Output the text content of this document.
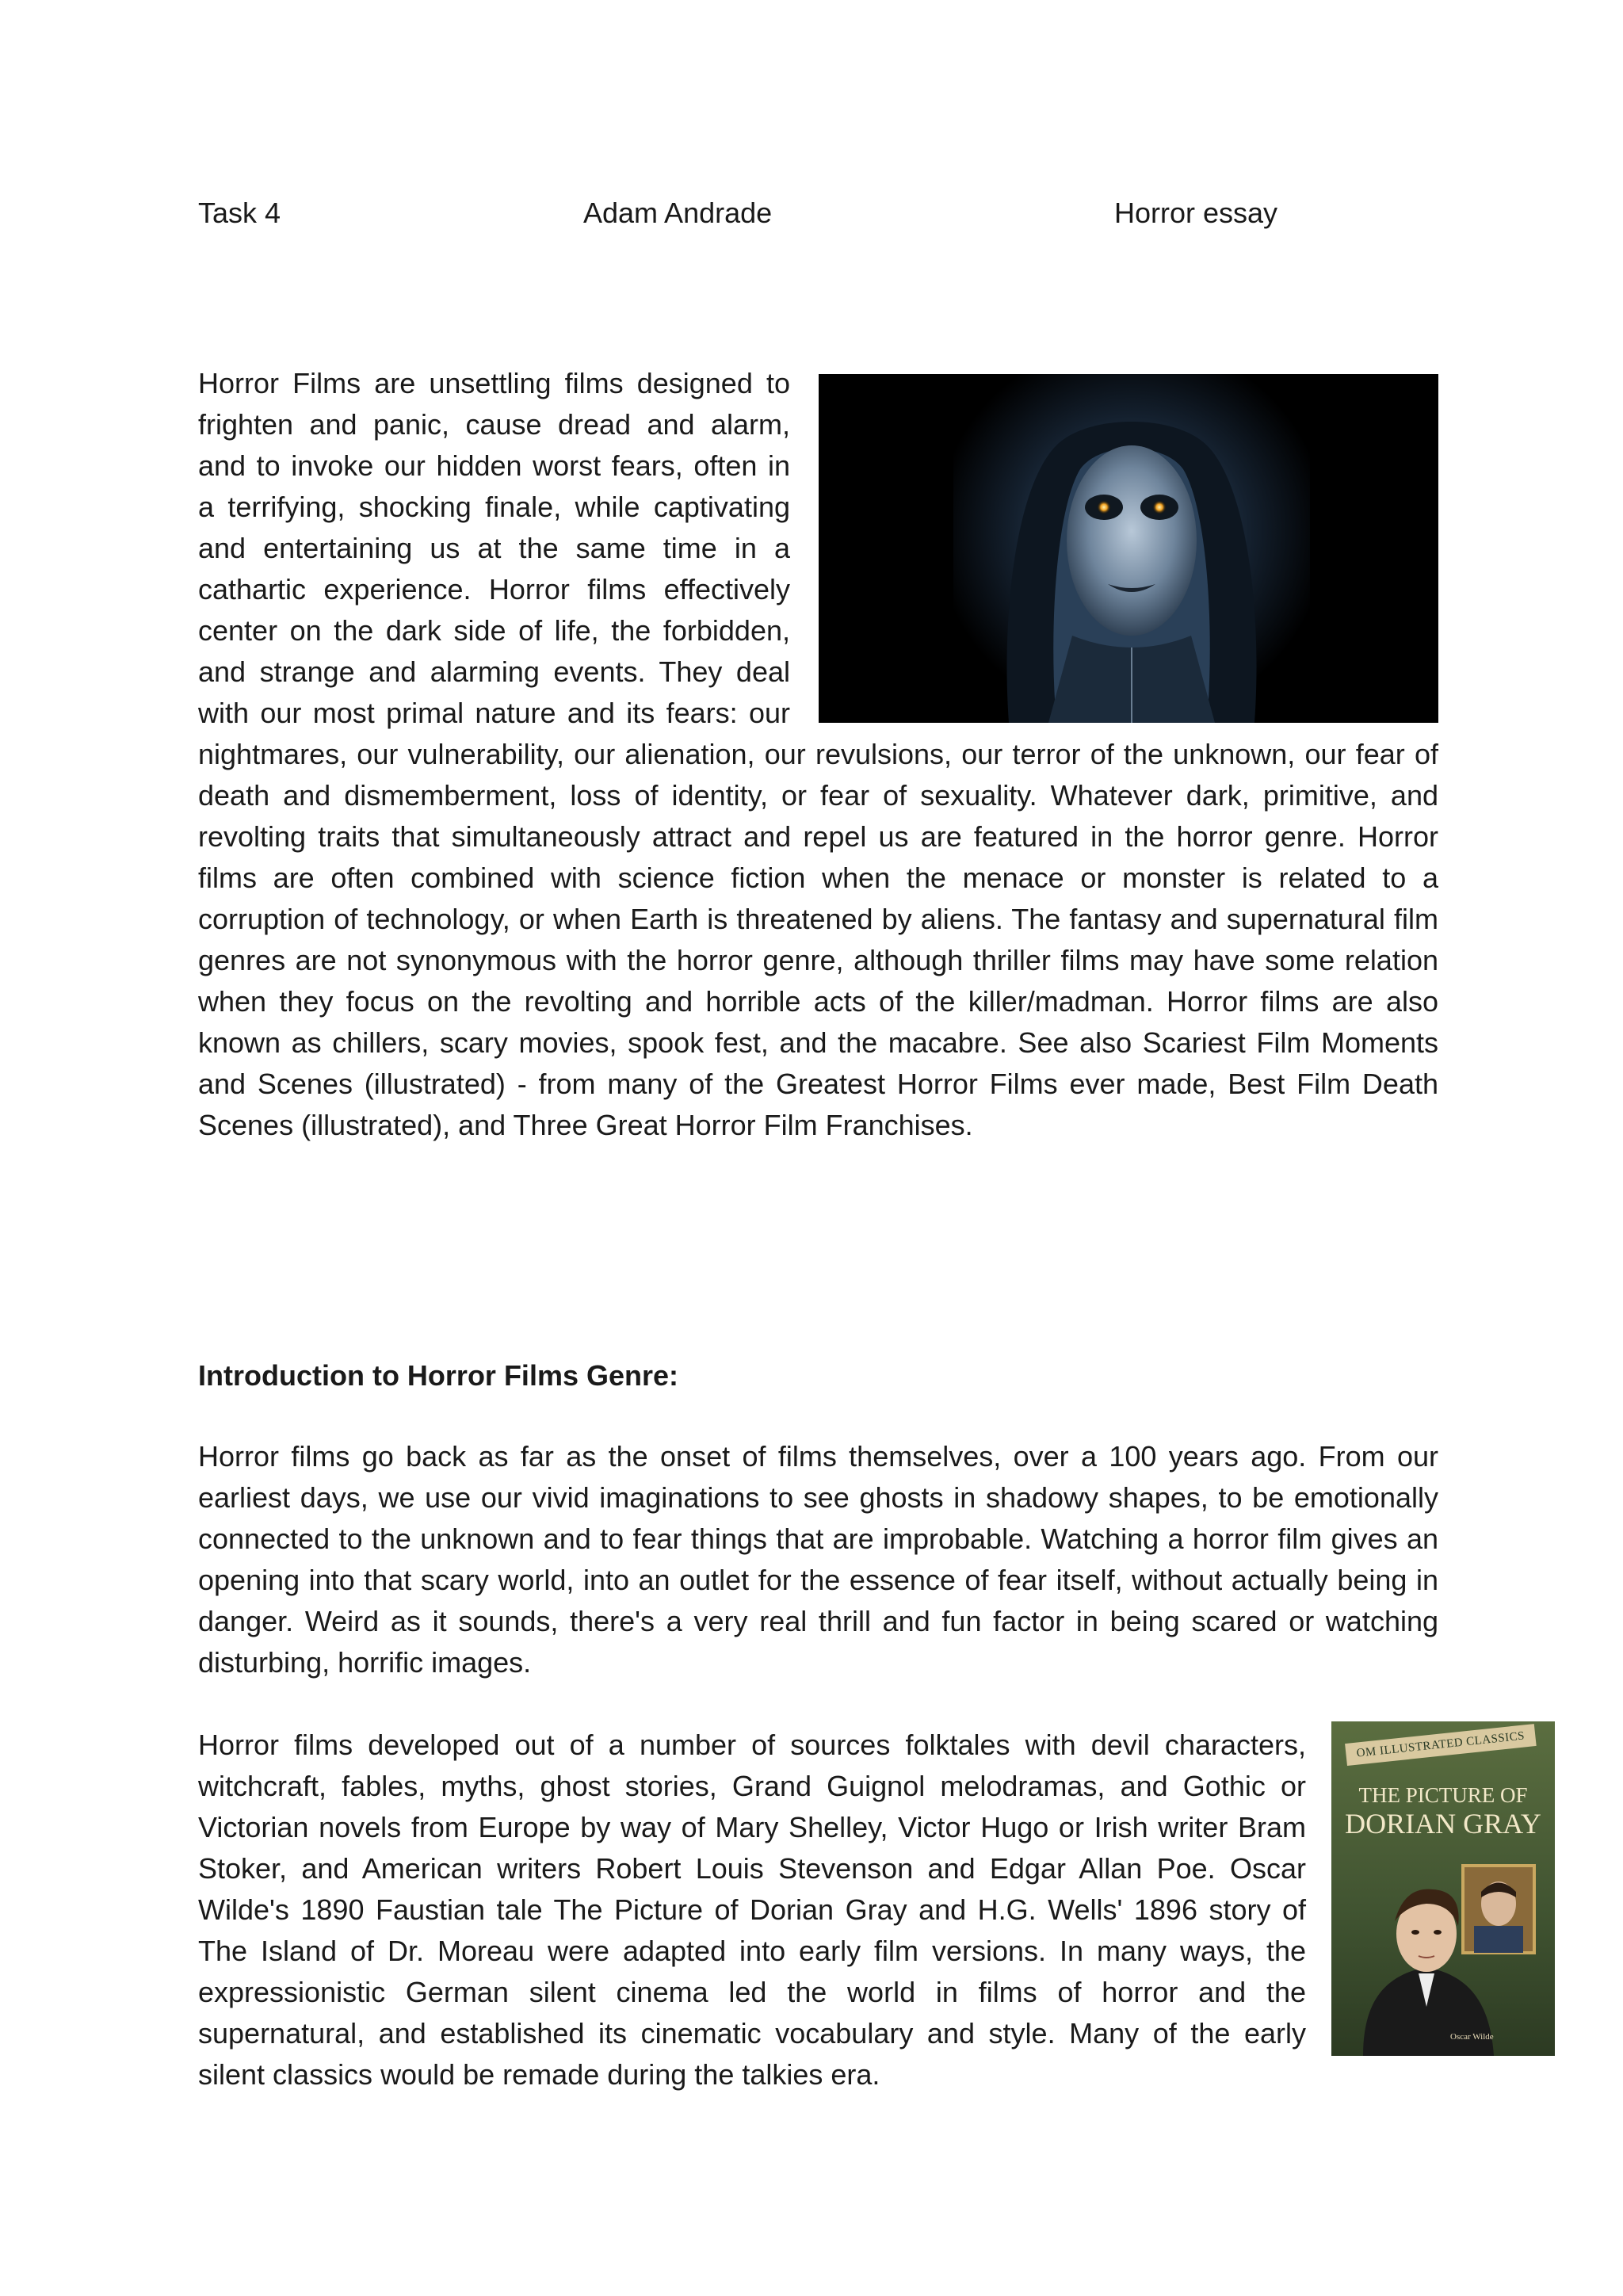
Task 4	Adam Andrade	Horror essay

Horror Films are unsettling films designed to frighten and panic, cause dread and alarm, and to invoke our hidden worst fears, often in a terrifying, shocking finale, while captivating and entertaining us at the same time in a cathartic experience. Horror films effectively center on the dark side of life, the forbidden, and strange and alarming events. They deal with our most primal nature and its fears: our nightmares, our vulnerability, our alienation, our revulsions, our terror of the unknown, our fear of death and dismemberment, loss of identity, or fear of sexuality. Whatever dark, primitive, and revolting traits that simultaneously attract and repel us are featured in the horror genre. Horror films are often combined with science fiction when the menace or monster is related to a corruption of technology, or when Earth is threatened by aliens. The fantasy and supernatural film genres are not synonymous with the horror genre, although thriller films may have some relation when they focus on the revolting and horrible acts of the killer/madman. Horror films are also known as chillers, scary movies, spook fest, and the macabre. See also Scariest Film Moments and Scenes (illustrated) - from many of the Greatest Horror Films ever made, Best Film Death Scenes (illustrated), and Three Great Horror Film Franchises.

Introduction to Horror Films Genre:

Horror films go back as far as the onset of films themselves, over a 100 years ago. From our earliest days, we use our vivid imaginations to see ghosts in shadowy shapes, to be emotionally connected to the unknown and to fear things that are improbable. Watching a horror film gives an opening into that scary world, into an outlet for the essence of fear itself, without actually being in danger. Weird as it sounds, there's a very real thrill and fun factor in being scared or watching disturbing, horrific images.

Horror films developed out of a number of sources folktales with devil characters, witchcraft, fables, myths, ghost stories, Grand Guignol melodramas, and Gothic or Victorian novels from Europe by way of Mary Shelley, Victor Hugo or Irish writer Bram Stoker, and American writers Robert Louis Stevenson and Edgar Allan Poe. Oscar Wilde's 1890 Faustian tale The Picture of Dorian Gray and H.G. Wells' 1896 story of The Island of Dr. Moreau were adapted into early film versions. In many ways, the expressionistic German silent cinema led the world in films of horror and the supernatural, and established its cinematic vocabulary and style. Many of the early silent classics would be remade during the talkies era.

OM ILLUSTRATED CLASSICS
THE PICTURE OF
DORIAN GRAY
Oscar Wilde
